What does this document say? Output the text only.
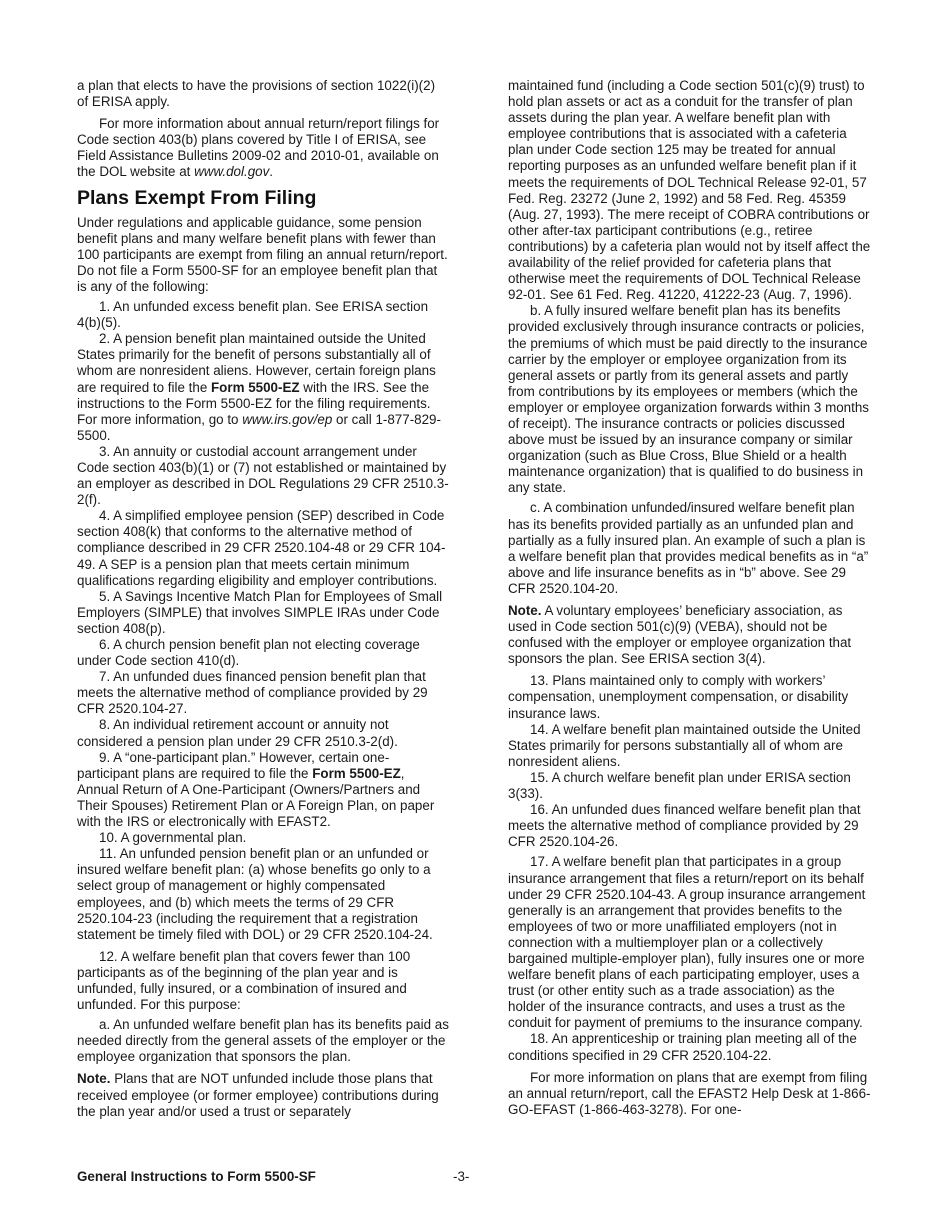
a plan that elects to have the provisions of section 1022(i)(2) of ERISA apply.

For more information about annual return/report filings for Code section 403(b) plans covered by Title I of ERISA, see Field Assistance Bulletins 2009-02 and 2010-01, available on the DOL website at www.dol.gov.

Plans Exempt From Filing

Under regulations and applicable guidance, some pension benefit plans and many welfare benefit plans with fewer than 100 participants are exempt from filing an annual return/report. Do not file a Form 5500-SF for an employee benefit plan that is any of the following:

1. An unfunded excess benefit plan. See ERISA section 4(b)(5).

2. A pension benefit plan maintained outside the United States primarily for the benefit of persons substantially all of whom are nonresident aliens. However, certain foreign plans are required to file the Form 5500-EZ with the IRS. See the instructions to the Form 5500-EZ for the filing requirements. For more information, go to www.irs.gov/ep or call 1-877-829-5500.

3. An annuity or custodial account arrangement under Code section 403(b)(1) or (7) not established or maintained by an employer as described in DOL Regulations 29 CFR 2510.3-2(f).

4. A simplified employee pension (SEP) described in Code section 408(k) that conforms to the alternative method of compliance described in 29 CFR 2520.104-48 or 29 CFR 104-49. A SEP is a pension plan that meets certain minimum qualifications regarding eligibility and employer contributions.

5. A Savings Incentive Match Plan for Employees of Small Employers (SIMPLE) that involves SIMPLE IRAs under Code section 408(p).

6. A church pension benefit plan not electing coverage under Code section 410(d).

7. An unfunded dues financed pension benefit plan that meets the alternative method of compliance provided by 29 CFR 2520.104-27.

8. An individual retirement account or annuity not considered a pension plan under 29 CFR 2510.3-2(d).

9. A “one-participant plan.” However, certain one-participant plans are required to file the Form 5500-EZ, Annual Return of A One-Participant (Owners/Partners and Their Spouses) Retirement Plan or A Foreign Plan, on paper with the IRS or electronically with EFAST2.

10. A governmental plan.

11. An unfunded pension benefit plan or an unfunded or insured welfare benefit plan: (a) whose benefits go only to a select group of management or highly compensated employees, and (b) which meets the terms of 29 CFR 2520.104-23 (including the requirement that a registration statement be timely filed with DOL) or 29 CFR 2520.104-24.

12. A welfare benefit plan that covers fewer than 100 participants as of the beginning of the plan year and is unfunded, fully insured, or a combination of insured and unfunded. For this purpose:

a. An unfunded welfare benefit plan has its benefits paid as needed directly from the general assets of the employer or the employee organization that sponsors the plan.

Note. Plans that are NOT unfunded include those plans that received employee (or former employee) contributions during the plan year and/or used a trust or separately

maintained fund (including a Code section 501(c)(9) trust) to hold plan assets or act as a conduit for the transfer of plan assets during the plan year. A welfare benefit plan with employee contributions that is associated with a cafeteria plan under Code section 125 may be treated for annual reporting purposes as an unfunded welfare benefit plan if it meets the requirements of DOL Technical Release 92-01, 57 Fed. Reg. 23272 (June 2, 1992) and 58 Fed. Reg. 45359 (Aug. 27, 1993). The mere receipt of COBRA contributions or other after-tax participant contributions (e.g., retiree contributions) by a cafeteria plan would not by itself affect the availability of the relief provided for cafeteria plans that otherwise meet the requirements of DOL Technical Release 92-01. See 61 Fed. Reg. 41220, 41222-23 (Aug. 7, 1996).

b. A fully insured welfare benefit plan has its benefits provided exclusively through insurance contracts or policies, the premiums of which must be paid directly to the insurance carrier by the employer or employee organization from its general assets or partly from its general assets and partly from contributions by its employees or members (which the employer or employee organization forwards within 3 months of receipt). The insurance contracts or policies discussed above must be issued by an insurance company or similar organization (such as Blue Cross, Blue Shield or a health maintenance organization) that is qualified to do business in any state.

c. A combination unfunded/insured welfare benefit plan has its benefits provided partially as an unfunded plan and partially as a fully insured plan. An example of such a plan is a welfare benefit plan that provides medical benefits as in “a” above and life insurance benefits as in “b” above. See 29 CFR 2520.104-20.

Note. A voluntary employees’ beneficiary association, as used in Code section 501(c)(9) (VEBA), should not be confused with the employer or employee organization that sponsors the plan. See ERISA section 3(4).

13. Plans maintained only to comply with workers’ compensation, unemployment compensation, or disability insurance laws.

14. A welfare benefit plan maintained outside the United States primarily for persons substantially all of whom are nonresident aliens.

15. A church welfare benefit plan under ERISA section 3(33).

16. An unfunded dues financed welfare benefit plan that meets the alternative method of compliance provided by 29 CFR 2520.104-26.

17. A welfare benefit plan that participates in a group insurance arrangement that files a return/report on its behalf under 29 CFR 2520.104-43. A group insurance arrangement generally is an arrangement that provides benefits to the employees of two or more unaffiliated employers (not in connection with a multiemployer plan or a collectively bargained multiple-employer plan), fully insures one or more welfare benefit plans of each participating employer, uses a trust (or other entity such as a trade association) as the holder of the insurance contracts, and uses a trust as the conduit for payment of premiums to the insurance company.

18. An apprenticeship or training plan meeting all of the conditions specified in 29 CFR 2520.104-22.

For more information on plans that are exempt from filing an annual return/report, call the EFAST2 Help Desk at 1-866-GO-EFAST (1-866-463-3278). For one-

General Instructions to Form 5500-SF	-3-
